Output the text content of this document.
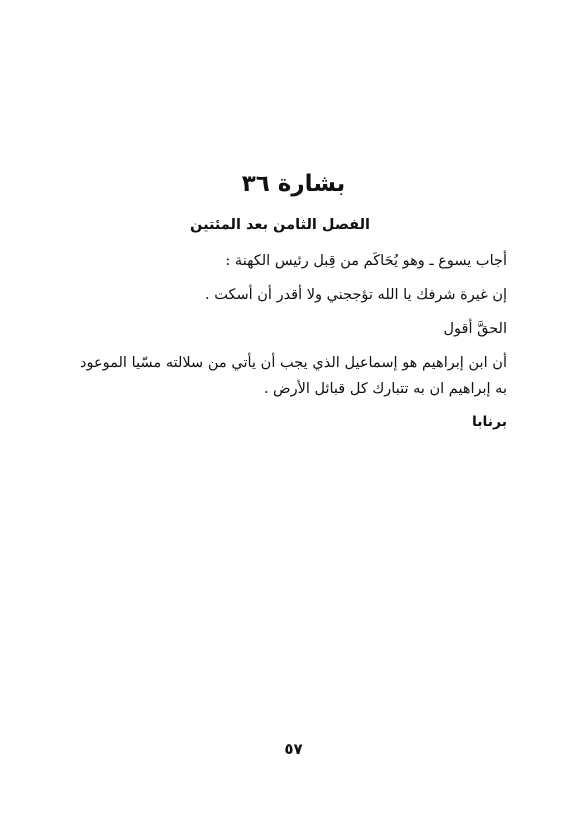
بشارة ٣٦
الفصل الثامن بعد المئتين

أجاب يسوع ـ وهو يُحَاكَم من قِبل رئيس الكهنة :

إن غيرة شرفك يا الله تؤججني ولا أقدر أن أسكت .

الحقَّ أقول

أن ابن إبراهيم هو إسماعيل الذي يجب أن يأتي من سلالته مسّيا الموعود به إبراهيم ان به تتبارك كل قبائل الأرض .

برنابا

٥٧
